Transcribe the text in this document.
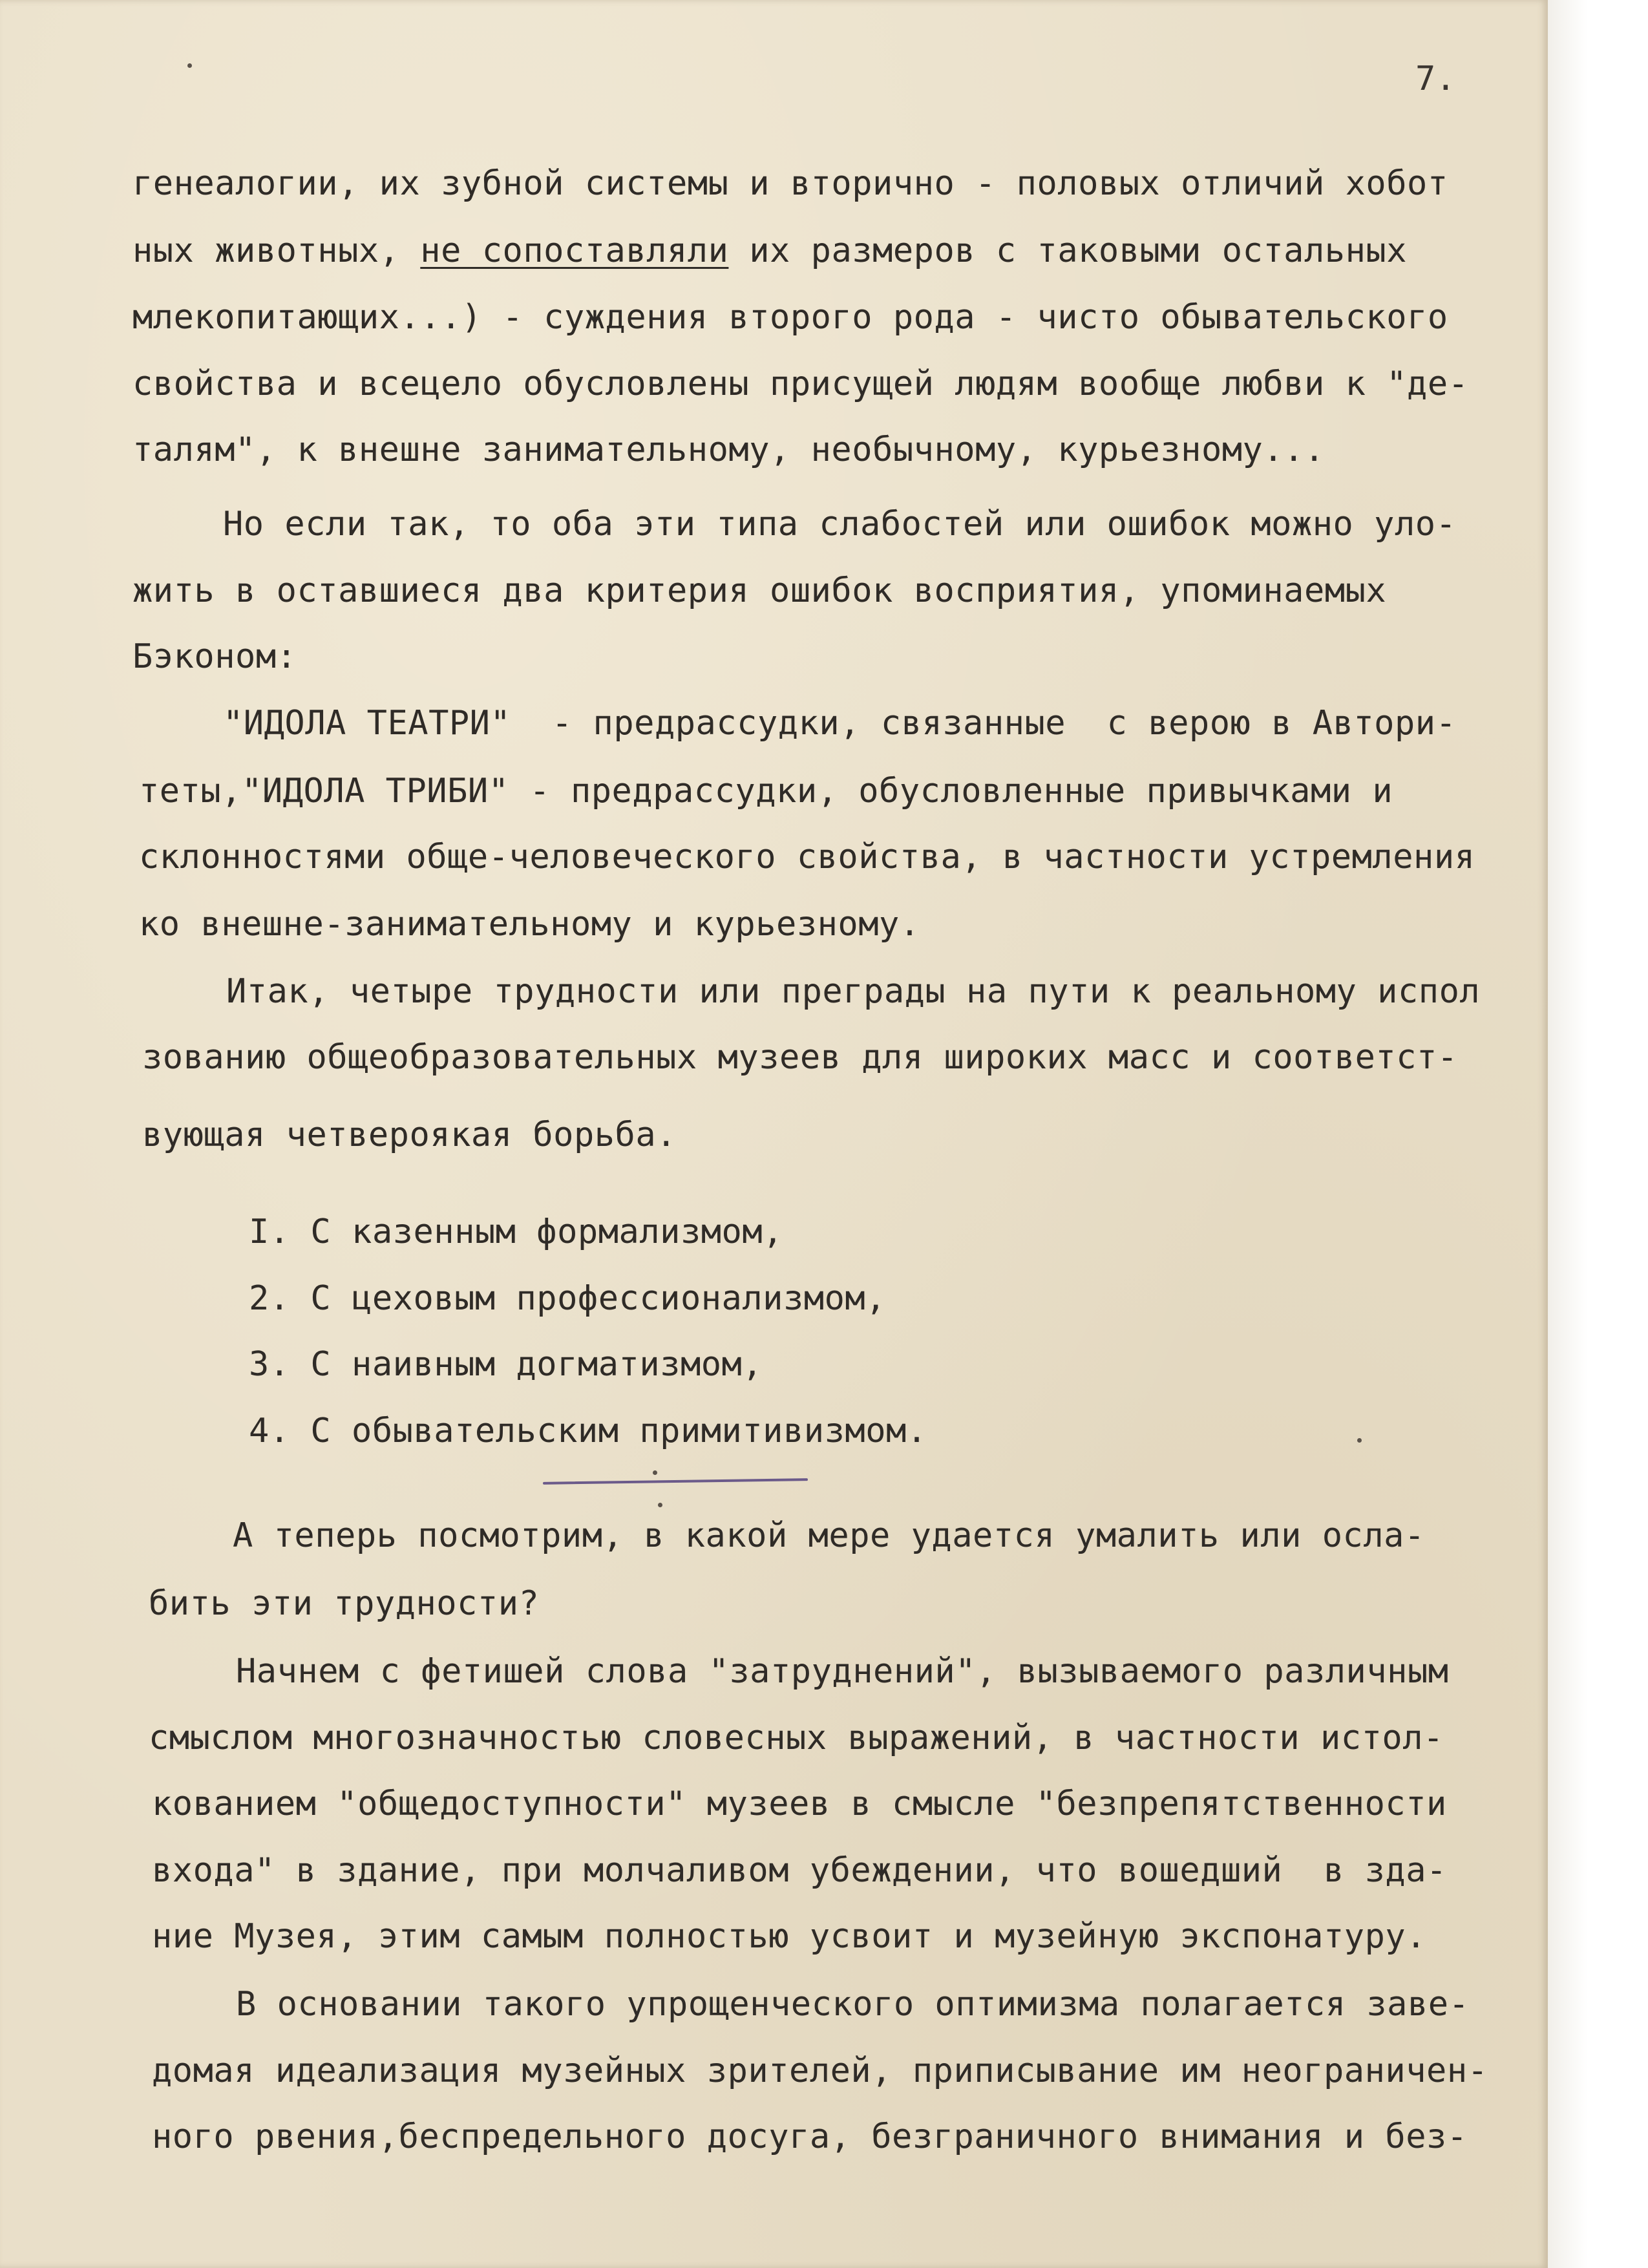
7.
генеалогии, их зубной системы и вторично - половых отличий хобот
ных животных, не сопоставляли их размеров с таковыми остальных
млекопитающих...) - суждения второго рода - чисто обывательского
свойства и всецело обусловлены присущей людям вообще любви к "де-
талям", к внешне занимательному, необычному, курьезному...
Но если так, то оба эти типа слабостей или ошибок можно уло-
жить в оставшиеся два критерия ошибок восприятия, упоминаемых
Бэконом:
"ИДОЛА ТЕАТРИ"  - предрассудки, связанные  с верою в Автори-
теты,"ИДОЛА ТРИБИ" - предрассудки, обусловленные привычками и
склонностями обще-человеческого свойства, в частности устремления
ко внешне-занимательному и курьезному.
Итак, четыре трудности или преграды на пути к реальному испол
зованию общеобразовательных музеев для широких масс и соответст-
вующая четвероякая борьба.
I. С казенным формализмом,
2. С цеховым профессионализмом,
3. С наивным догматизмом,
4. С обывательским примитивизмом.
А теперь посмотрим, в какой мере удается умалить или осла-
бить эти трудности?
Начнем с фетишей слова "затруднений", вызываемого различным
смыслом многозначностью словесных выражений, в частности истол-
кованием "общедоступности" музеев в смысле "безпрепятственности
входа" в здание, при молчаливом убеждении, что вошедший  в зда-
ние Музея, этим самым полностью усвоит и музейную экспонатуру.
В основании такого упрощенческого оптимизма полагается заве-
домая идеализация музейных зрителей, приписывание им неограничен-
ного рвения,беспредельного досуга, безграничного внимания и без-
